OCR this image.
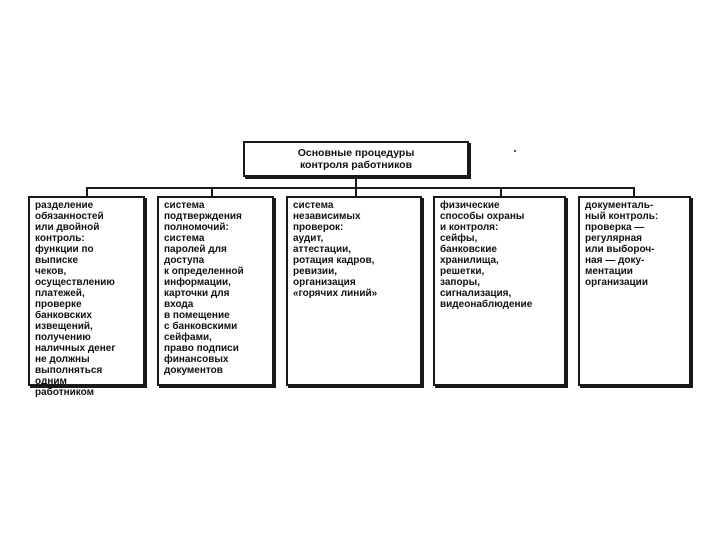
Основные процедуры
контроля работников
разделение
обязанностей
или двойной
контроль:
функции по
выписке
чеков,
осуществлению
платежей,
проверке
банковских
извещений,
получению
наличных денег
не должны
выполняться
одним
работником
система
подтверждения
полномочий:
система
паролей для
доступа
к определенной
информации,
карточки для
входа
в помещение
с банковскими
сейфами,
право подписи
финансовых
документов
система
независимых
проверок:
аудит,
аттестации,
ротация кадров,
ревизии,
организация
«горячих линий»
физические
способы охраны
и контроля:
сейфы,
банковские
хранилища,
решетки,
запоры,
сигнализация,
видеонаблюдение
документаль-
ный контроль:
проверка —
регулярная
или выбороч-
ная — доку-
ментации
организации
